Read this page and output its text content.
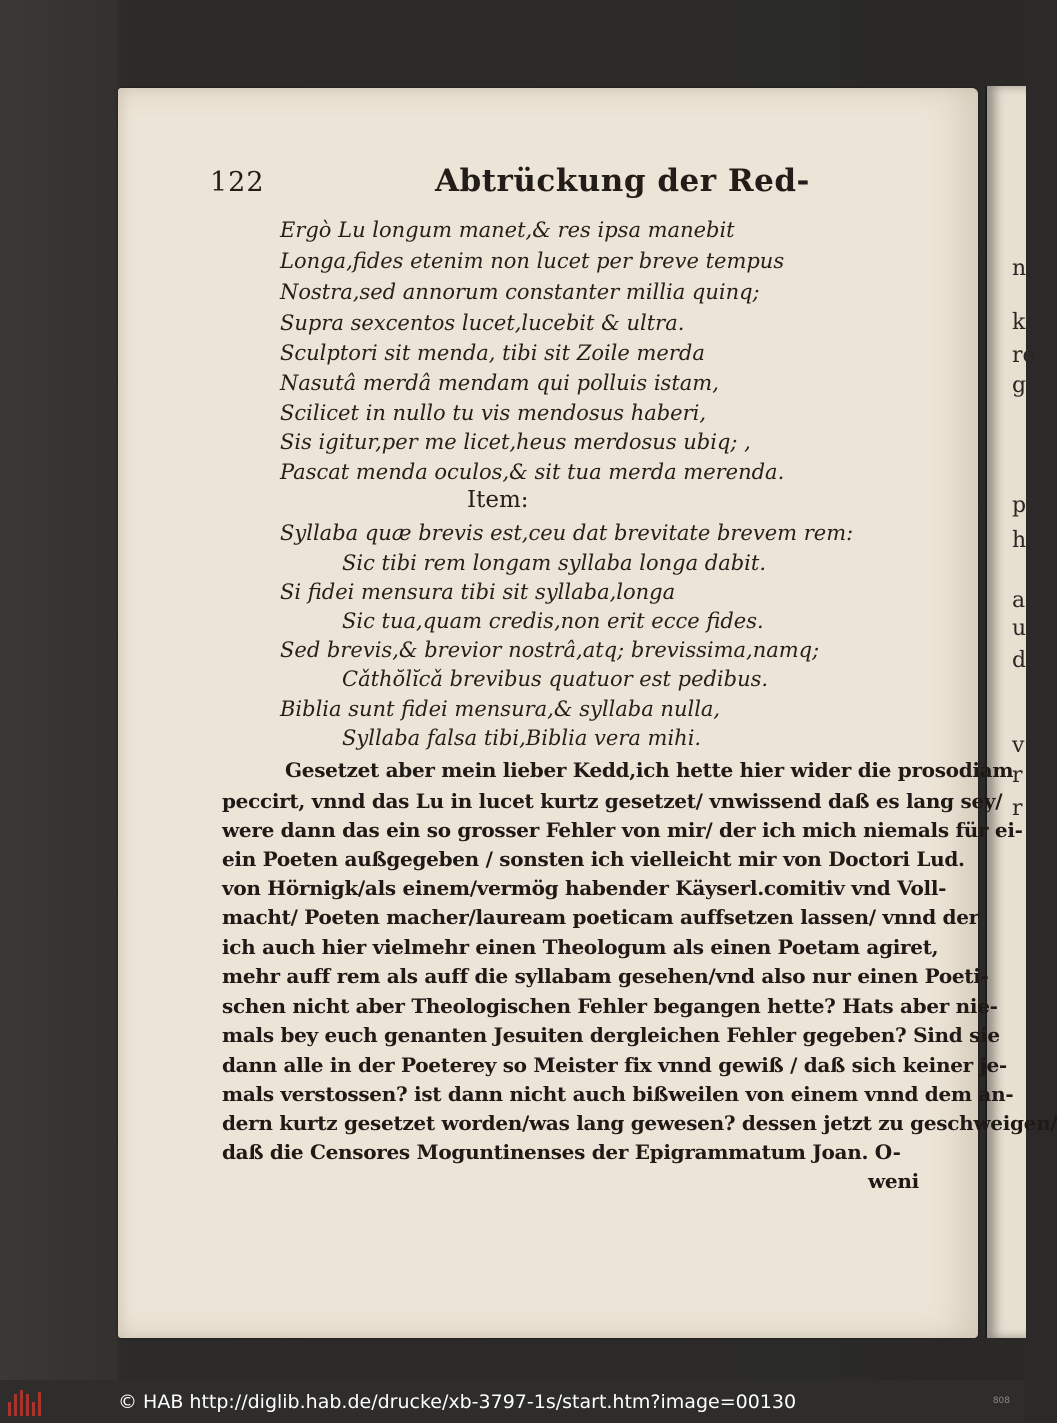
n
k
re
g
p
h
a
u
d
v
r
r
122	Abtrückung der Red-
Ergò Lu longum manet,& res ipsa manebit
Longa,fides etenim non lucet per breve tempus
Nostra,sed annorum constanter millia quinq;
Supra sexcentos lucet,lucebit & ultra.
Sculptori sit menda, tibi sit Zoile merda
Nasutâ merdâ mendam qui polluis istam,
Scilicet in nullo tu vis mendosus haberi,
Sis igitur,per me licet,heus merdosus ubiq; ,
Pascat menda oculos,& sit tua merda merenda.
Item:
Syllaba quæ brevis est,ceu dat brevitate brevem rem:
Sic tibi rem longam syllaba longa dabit.
Si fidei mensura tibi sit syllaba,longa
Sic tua,quam credis,non erit ecce fides.
Sed brevis,& brevior nostrâ,atq; brevissima,namq;
Cǎthŏlĭcǎ brevibus quatuor est pedibus.
Biblia sunt fidei mensura,& syllaba nulla,
Syllaba falsa tibi,Biblia vera mihi.
Gesetzet aber mein lieber Kedd,ich hette hier wider die prosodiam
peccirt, vnnd das Lu in lucet kurtz gesetzet/ vnwissend daß es lang sey/
were dann das ein so grosser Fehler von mir/ der ich mich niemals für ei-
ein Poeten außgegeben / sonsten ich vielleicht mir von Doctori Lud.
von Hörnigk/als einem/vermög habender Käyserl.comitiv vnd Voll-
macht/ Poeten macher/lauream poeticam auffsetzen lassen/ vnnd der
ich auch hier vielmehr einen Theologum als einen Poetam agiret,
mehr auff rem als auff die syllabam gesehen/vnd also nur einen Poeti-
schen nicht aber Theologischen Fehler begangen hette? Hats aber nie-
mals bey euch genanten Jesuiten dergleichen Fehler gegeben? Sind sie
dann alle in der Poeterey so Meister fix vnnd gewiß / daß sich keiner je-
mals verstossen? ist dann nicht auch bißweilen von einem vnnd dem an-
dern kurtz gesetzet worden/was lang gewesen? dessen jetzt zu geschweigen/
daß die Censores Moguntinenses der Epigrammatum Joan. O-
weni
© HAB http://diglib.hab.de/drucke/xb-3797-1s/start.htm?image=00130	808
